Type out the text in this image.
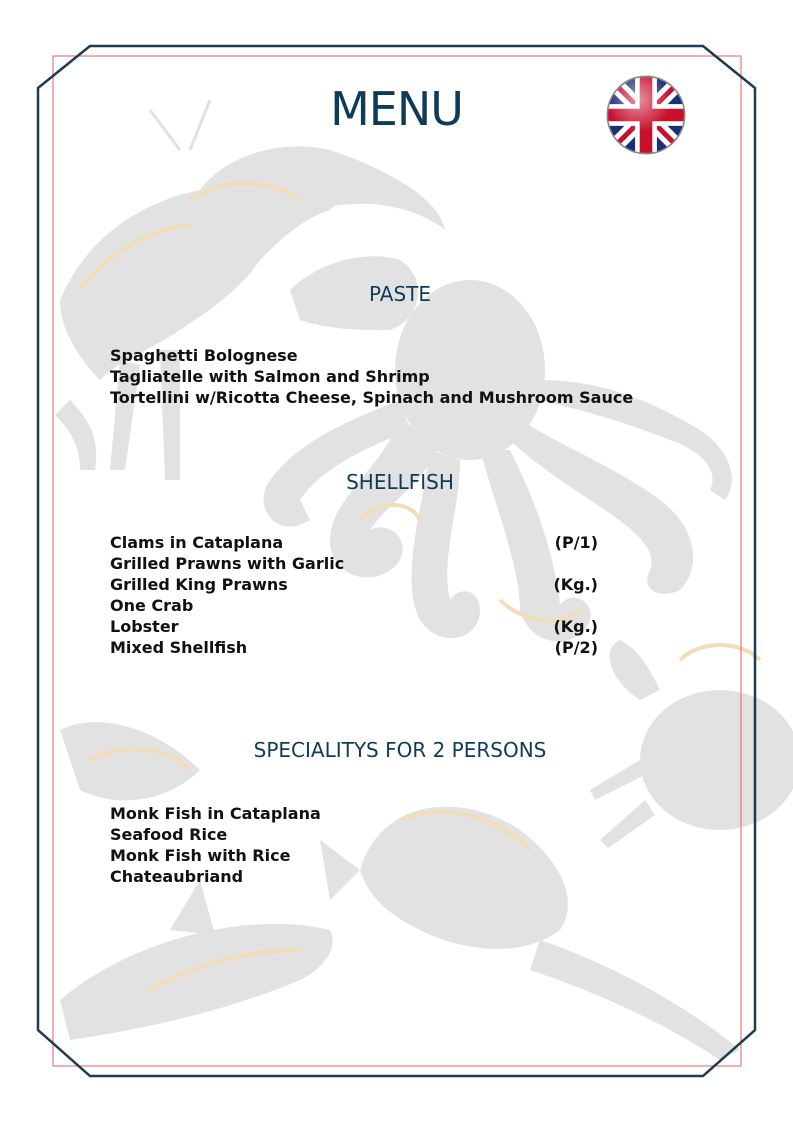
MENU
PASTE
Spaghetti Bolognese
Tagliatelle with Salmon and Shrimp
Tortellini w/Ricotta Cheese, Spinach and Mushroom Sauce
SHELLFISH
Clams in Cataplana	(P/1)
Grilled Prawns with Garlic
Grilled King Prawns	(Kg.)
One Crab
Lobster	(Kg.)
Mixed Shellfish	(P/2)
SPECIALITYS FOR 2 PERSONS
Monk Fish in Cataplana
Seafood Rice
Monk Fish with Rice
Chateaubriand
